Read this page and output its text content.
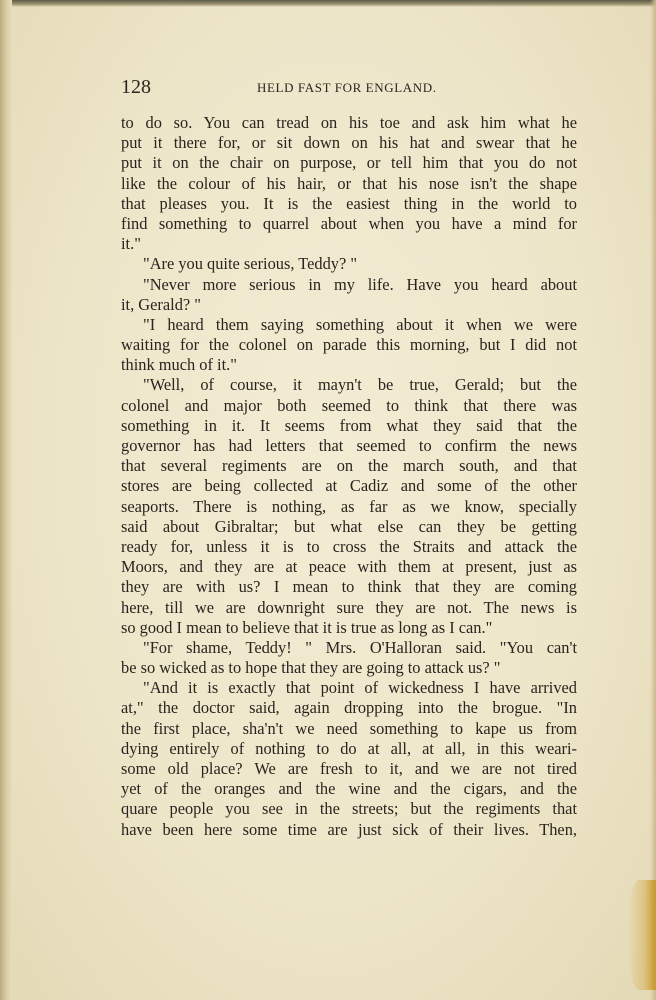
128	HELD FAST FOR ENGLAND.
to do so. You can tread on his toe and ask him what he
put it there for, or sit down on his hat and swear that he
put it on the chair on purpose, or tell him that you do not
like the colour of his hair, or that his nose isn't the shape
that pleases you. It is the easiest thing in the world to
find something to quarrel about when you have a mind for
it."
"Are you quite serious, Teddy? "
"Never more serious in my life. Have you heard about
it, Gerald? "
"I heard them saying something about it when we were
waiting for the colonel on parade this morning, but I did not
think much of it."
"Well, of course, it mayn't be true, Gerald; but the
colonel and major both seemed to think that there was
something in it. It seems from what they said that the
governor has had letters that seemed to confirm the news
that several regiments are on the march south, and that
stores are being collected at Cadiz and some of the other
seaports. There is nothing, as far as we know, specially
said about Gibraltar; but what else can they be getting
ready for, unless it is to cross the Straits and attack the
Moors, and they are at peace with them at present, just as
they are with us? I mean to think that they are coming
here, till we are downright sure they are not. The news is
so good I mean to believe that it is true as long as I can."
"For shame, Teddy! " Mrs. O'Halloran said. "You can't
be so wicked as to hope that they are going to attack us? "
"And it is exactly that point of wickedness I have arrived
at," the doctor said, again dropping into the brogue. "In
the first place, sha'n't we need something to kape us from
dying entirely of nothing to do at all, at all, in this weari-
some old place? We are fresh to it, and we are not tired
yet of the oranges and the wine and the cigars, and the
quare people you see in the streets; but the regiments that
have been here some time are just sick of their lives. Then,
